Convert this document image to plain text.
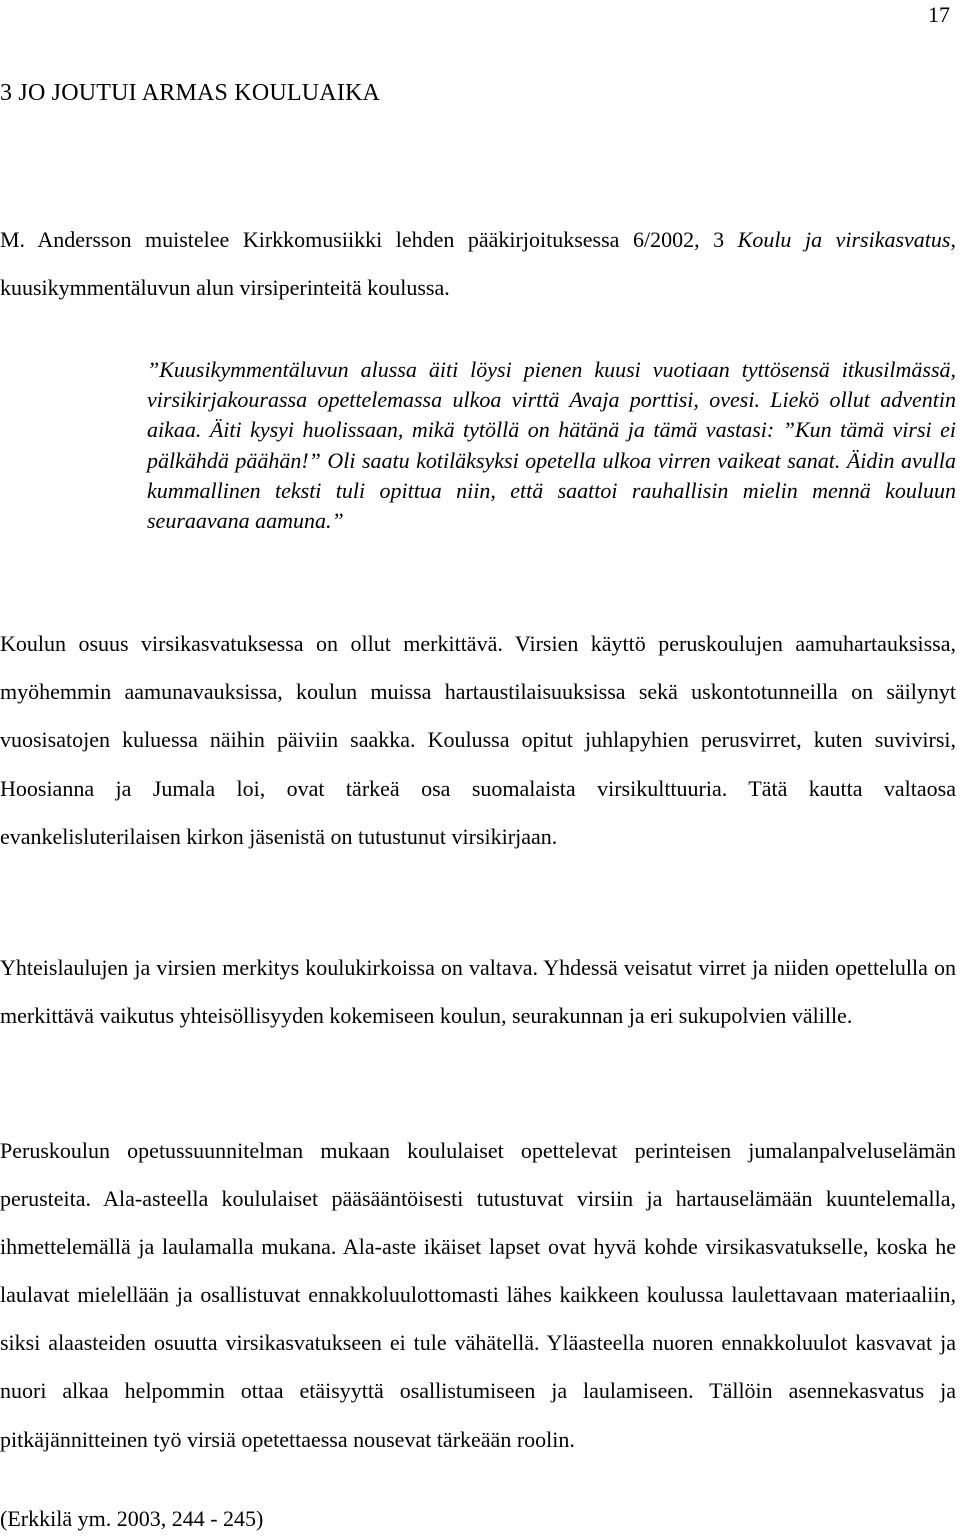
17
3 JO JOUTUI ARMAS KOULUAIKA

M. Andersson muistelee Kirkkomusiikki lehden pääkirjoituksessa 6/2002, 3 Koulu ja virsikasvatus, kuusikymmentäluvun alun virsiperinteitä koulussa.

”Kuusikymmentäluvun alussa äiti löysi pienen kuusi vuotiaan tyttösensä itkusilmässä, virsikirjakourassa opettelemassa ulkoa virttä Avaja porttisi, ovesi. Liekö ollut adventin aikaa. Äiti kysyi huolissaan, mikä tytöllä on hätänä ja tämä vastasi: ”Kun tämä virsi ei pälkähdä päähän!” Oli saatu kotiläksyksi opetella ulkoa virren vaikeat sanat. Äidin avulla kummallinen teksti tuli opittua niin, että saattoi rauhallisin mielin mennä kouluun seuraavana aamuna.”

Koulun osuus virsikasvatuksessa on ollut merkittävä. Virsien käyttö peruskoulujen aamuhartauksissa, myöhemmin aamunavauksissa, koulun muissa hartaustilaisuuksissa sekä uskontotunneilla on säilynyt vuosisatojen kuluessa näihin päiviin saakka. Koulussa opitut juhlapyhien perusvirret, kuten suvivirsi, Hoosianna ja Jumala loi, ovat tärkeä osa suomalaista virsikulttuuria. Tätä kautta valtaosa evankelisluterilaisen kirkon jäsenistä on tutustunut virsikirjaan.

Yhteislaulujen ja virsien merkitys koulukirkoissa on valtava. Yhdessä veisatut virret ja niiden opettelulla on merkittävä vaikutus yhteisöllisyyden kokemiseen koulun, seurakunnan ja eri sukupolvien välille.

Peruskoulun opetussuunnitelman mukaan koululaiset opettelevat perinteisen jumalanpalveluselämän perusteita. Ala-asteella koululaiset pääsääntöisesti tutustuvat virsiin ja hartauselämään kuuntelemalla, ihmettelemällä ja laulamalla mukana. Ala-aste ikäiset lapset ovat hyvä kohde virsikasvatukselle, koska he laulavat mielellään ja osallistuvat ennakkoluulottomasti lähes kaikkeen koulussa laulettavaan materiaaliin, siksi alaasteiden osuutta virsikasvatukseen ei tule vähätellä. Yläasteella nuoren ennakkoluulot kasvavat ja nuori alkaa helpommin ottaa etäisyyttä osallistumiseen ja laulamiseen. Tällöin asennekasvatus ja pitkäjännitteinen työ virsiä opetettaessa nousevat tärkeään roolin.

(Erkkilä ym. 2003, 244 - 245)
